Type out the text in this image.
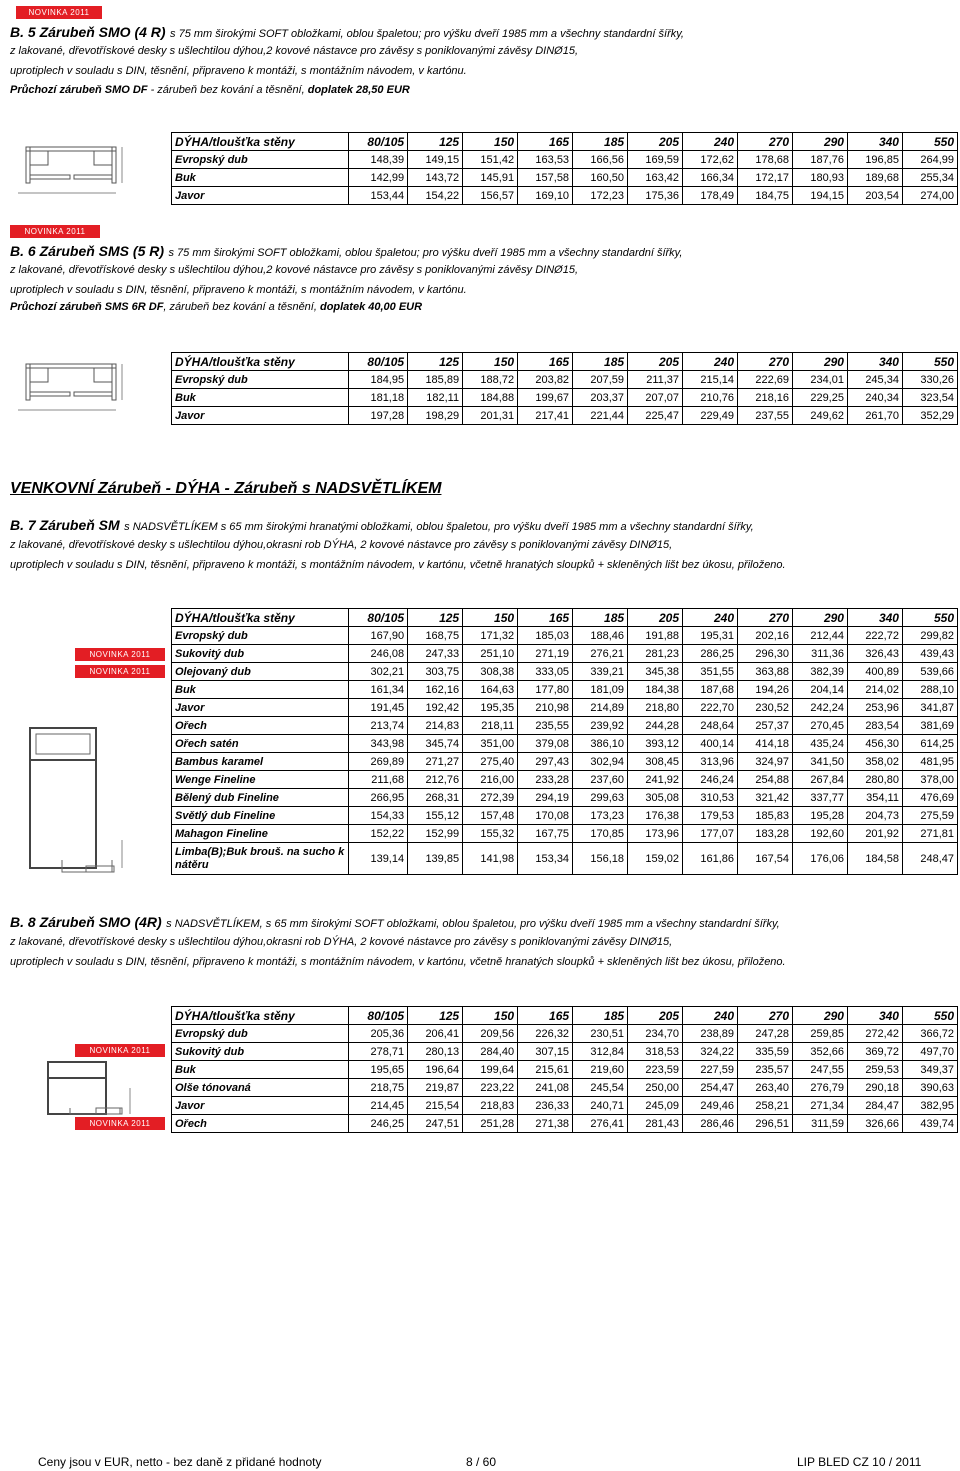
NOVINKA 2011
B. 5 Zárubeň SMO (4 R) s 75 mm širokými SOFT obložkami, oblou špaletou; pro výšku dveří 1985 mm a všechny standardní šířky,
z lakované, dřevotřískové desky s ušlechtilou dýhou,2 kovové nástavce pro závěsy s poniklovanými závěsy DINØ15,
uprotiplech v souladu s DIN, těsnění, připraveno k montáži, s montážním návodem, v kartónu.
Průchozí zárubeň SMO DF - zárubeň bez kování a těsnění, doplatek 28,50 EUR
DÝHA/tloušťka stěny	80/105	125	150	165	185	205	240	270	290	340	550
Evropský dub	148,39	149,15	151,42	163,53	166,56	169,59	172,62	178,68	187,76	196,85	264,99
Buk	142,99	143,72	145,91	157,58	160,50	163,42	166,34	172,17	180,93	189,68	255,34
Javor	153,44	154,22	156,57	169,10	172,23	175,36	178,49	184,75	194,15	203,54	274,00
NOVINKA 2011
B. 6 Zárubeň SMS (5 R) s 75 mm širokými SOFT obložkami, oblou špaletou; pro výšku dveří 1985 mm a všechny standardní šířky,
z lakované, dřevotřískové desky s ušlechtilou dýhou,2 kovové nástavce pro závěsy s poniklovanými závěsy DINØ15,
uprotiplech v souladu s DIN, těsnění, připraveno k montáži, s montážním návodem, v kartónu.
Průchozí zárubeň SMS 6R DF, zárubeň bez kování a těsnění, doplatek 40,00 EUR
DÝHA/tloušťka stěny	80/105	125	150	165	185	205	240	270	290	340	550
Evropský dub	184,95	185,89	188,72	203,82	207,59	211,37	215,14	222,69	234,01	245,34	330,26
Buk	181,18	182,11	184,88	199,67	203,37	207,07	210,76	218,16	229,25	240,34	323,54
Javor	197,28	198,29	201,31	217,41	221,44	225,47	229,49	237,55	249,62	261,70	352,29
VENKOVNÍ Zárubeň - DÝHA - Zárubeň s NADSVĚTLÍKEM
B. 7 Zárubeň SM s NADSVĚTLÍKEM s 65 mm širokými hranatými obložkami, oblou špaletou, pro výšku dveří 1985 mm a všechny standardní šířky,
z lakované, dřevotřískové desky s ušlechtilou dýhou,okrasni rob DÝHA, 2 kovové nástavce pro závěsy s poniklovanými závěsy DINØ15,
uprotiplech v souladu s DIN, těsnění, připraveno k montáži, s montážním návodem, v kartónu, včetně hranatých sloupků + skleněných lišt bez úkosu, přiloženo.
NOVINKA 2011
NOVINKA 2011
DÝHA/tloušťka stěny	80/105	125	150	165	185	205	240	270	290	340	550
Evropský dub	167,90	168,75	171,32	185,03	188,46	191,88	195,31	202,16	212,44	222,72	299,82
Sukovitý dub	246,08	247,33	251,10	271,19	276,21	281,23	286,25	296,30	311,36	326,43	439,43
Olejovaný dub	302,21	303,75	308,38	333,05	339,21	345,38	351,55	363,88	382,39	400,89	539,66
Buk	161,34	162,16	164,63	177,80	181,09	184,38	187,68	194,26	204,14	214,02	288,10
Javor	191,45	192,42	195,35	210,98	214,89	218,80	222,70	230,52	242,24	253,96	341,87
Ořech	213,74	214,83	218,11	235,55	239,92	244,28	248,64	257,37	270,45	283,54	381,69
Ořech satén	343,98	345,74	351,00	379,08	386,10	393,12	400,14	414,18	435,24	456,30	614,25
Bambus karamel	269,89	271,27	275,40	297,43	302,94	308,45	313,96	324,97	341,50	358,02	481,95
Wenge Fineline	211,68	212,76	216,00	233,28	237,60	241,92	246,24	254,88	267,84	280,80	378,00
Bělený dub Fineline	266,95	268,31	272,39	294,19	299,63	305,08	310,53	321,42	337,77	354,11	476,69
Světlý dub Fineline	154,33	155,12	157,48	170,08	173,23	176,38	179,53	185,83	195,28	204,73	275,59
Mahagon Fineline	152,22	152,99	155,32	167,75	170,85	173,96	177,07	183,28	192,60	201,92	271,81
Limba(B);Buk brouš. na sucho k nátěru	139,14	139,85	141,98	153,34	156,18	159,02	161,86	167,54	176,06	184,58	248,47
B. 8 Zárubeň SMO (4R) s NADSVĚTLÍKEM, s 65 mm širokými SOFT obložkami, oblou špaletou, pro výšku dveří 1985 mm a všechny standardní šířky,
z lakované, dřevotřískové desky s ušlechtilou dýhou,okrasni rob DÝHA, 2 kovové nástavce pro závěsy s poniklovanými závěsy DINØ15,
uprotiplech v souladu s DIN, těsnění, připraveno k montáži, s montážním návodem, v kartónu, včetně hranatých sloupků + skleněných lišt bez úkosu, přiloženo.
NOVINKA 2011
NOVINKA 2011
DÝHA/tloušťka stěny	80/105	125	150	165	185	205	240	270	290	340	550
Evropský dub	205,36	206,41	209,56	226,32	230,51	234,70	238,89	247,28	259,85	272,42	366,72
Sukovitý dub	278,71	280,13	284,40	307,15	312,84	318,53	324,22	335,59	352,66	369,72	497,70
Buk	195,65	196,64	199,64	215,61	219,60	223,59	227,59	235,57	247,55	259,53	349,37
Olše tónovaná	218,75	219,87	223,22	241,08	245,54	250,00	254,47	263,40	276,79	290,18	390,63
Javor	214,45	215,54	218,83	236,33	240,71	245,09	249,46	258,21	271,34	284,47	382,95
Ořech	246,25	247,51	251,28	271,38	276,41	281,43	286,46	296,51	311,59	326,66	439,74
Ceny jsou v EUR, netto - bez daně z přidané hodnoty	8 / 60	LIP BLED CZ 10 / 2011
